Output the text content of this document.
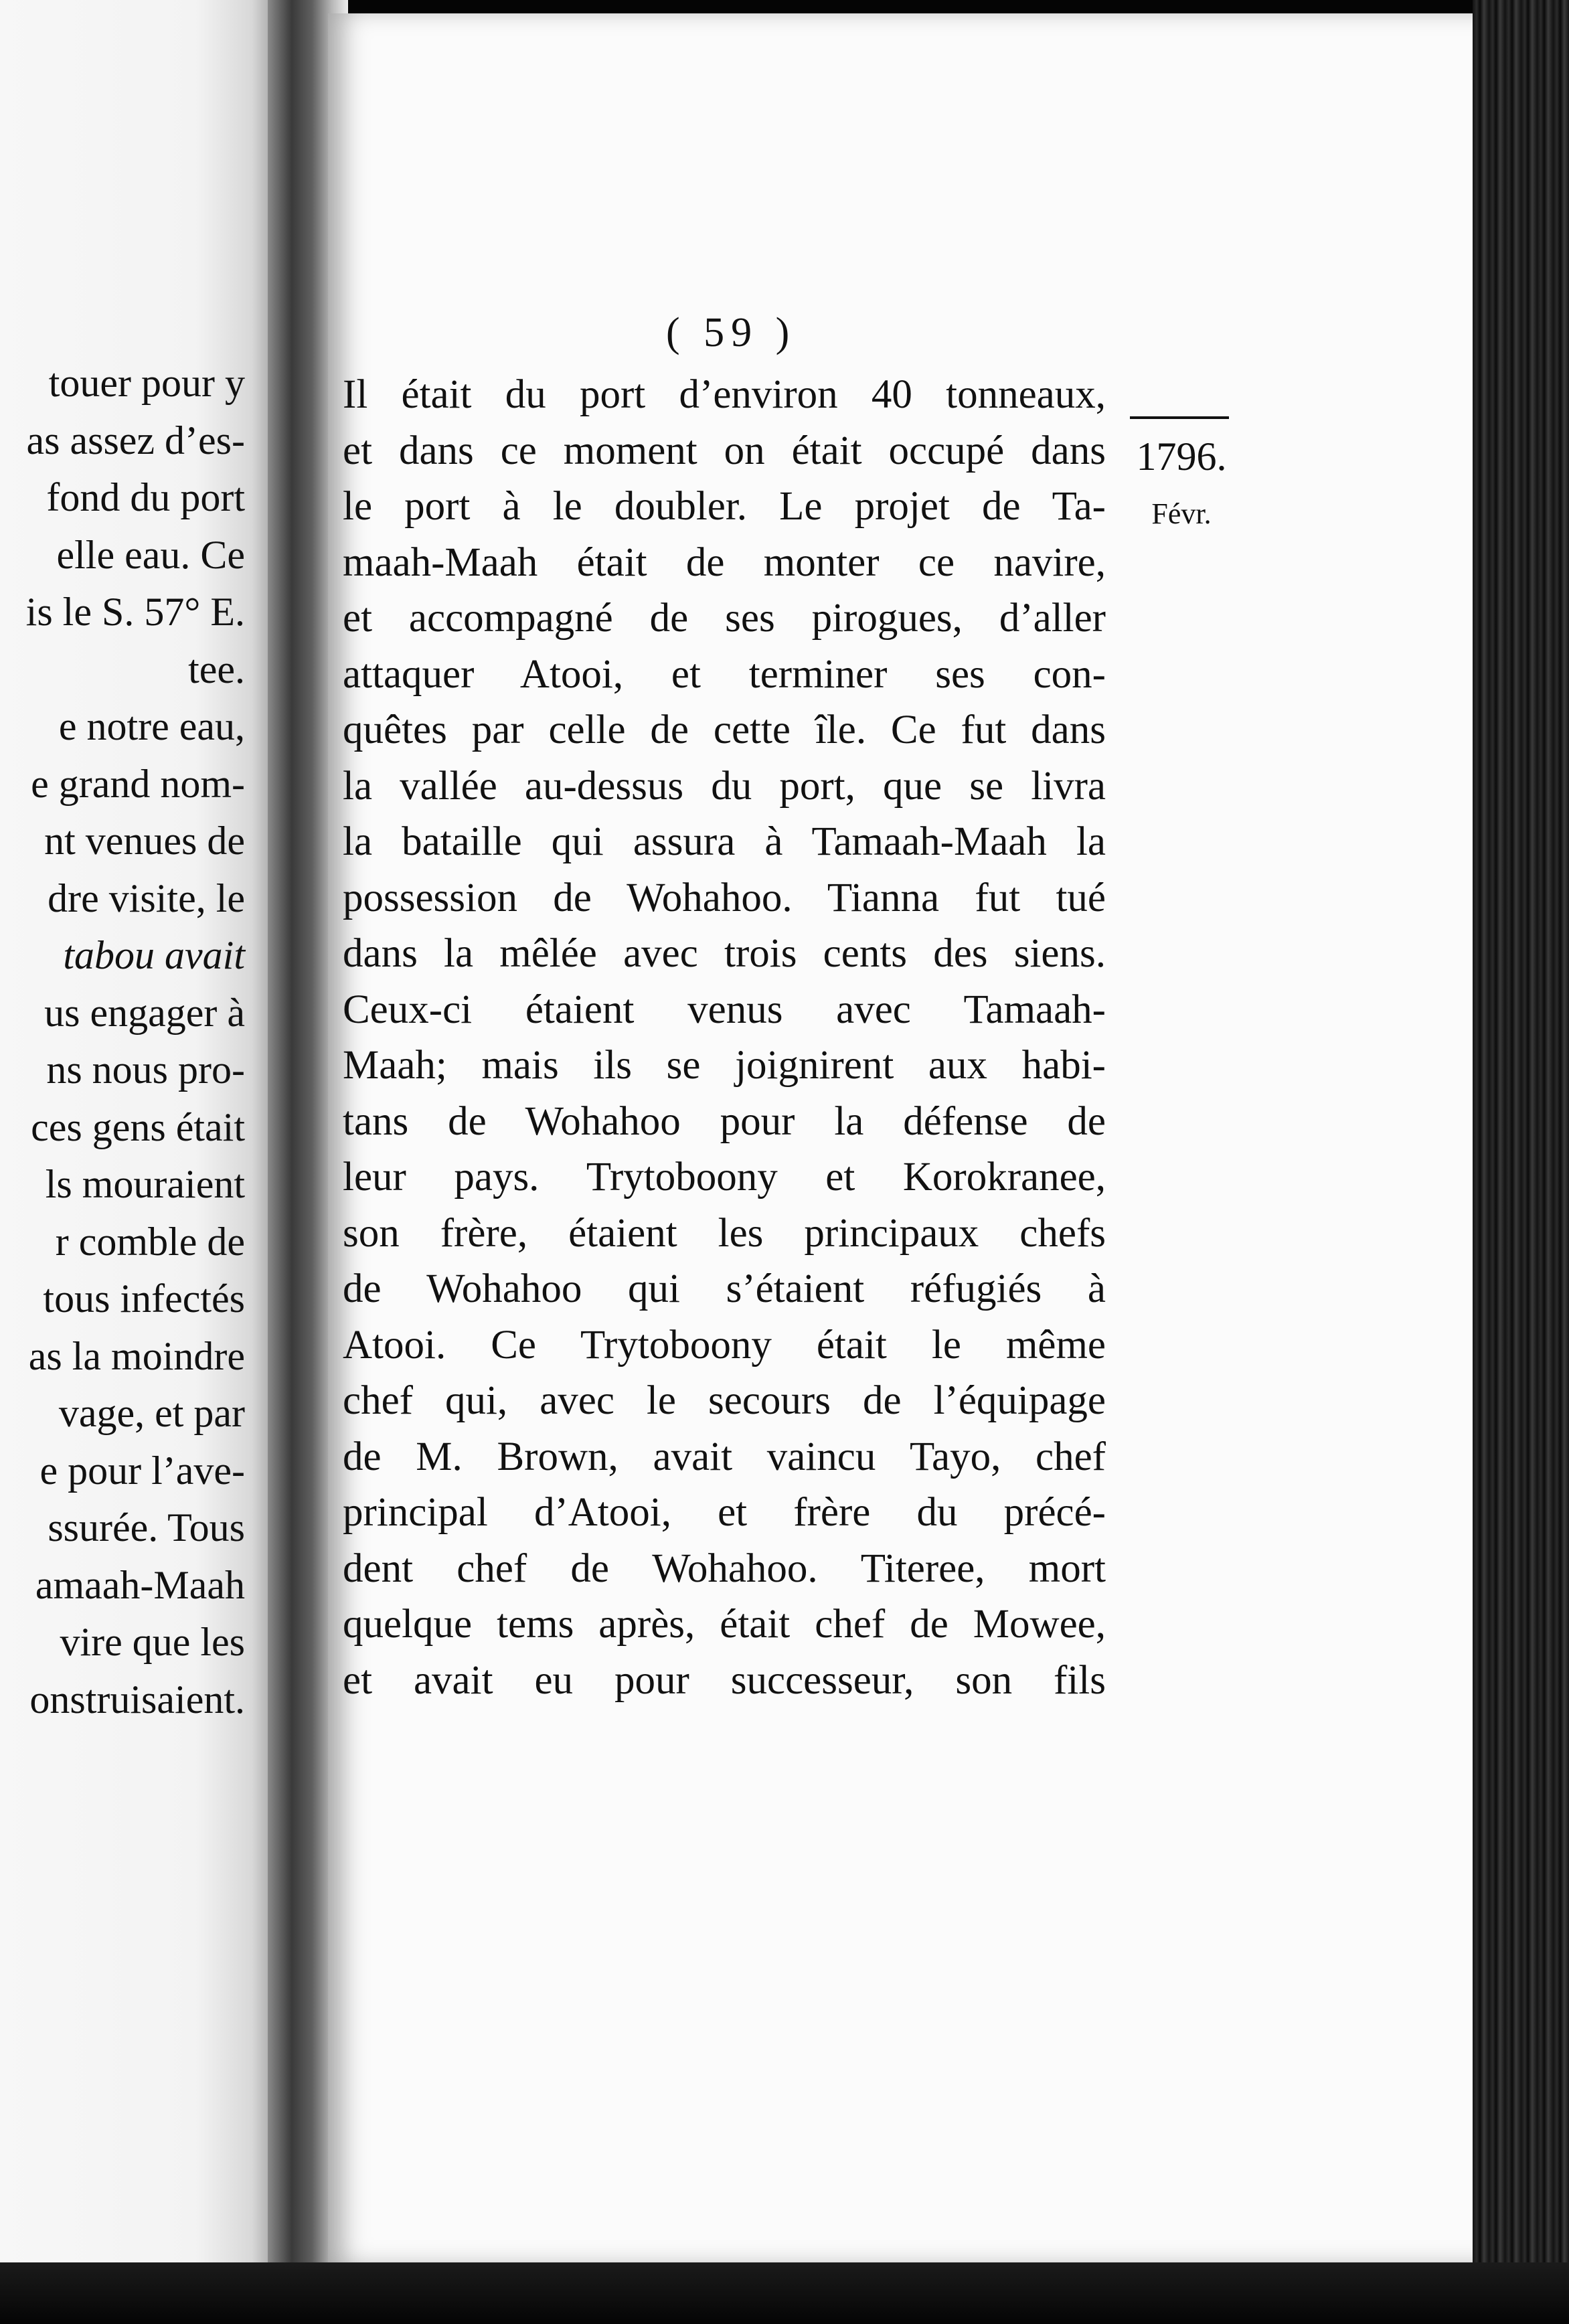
touer pour y
as assez d’es-
fond du port
elle eau. Ce
is le S. 57° E.
tee.
e notre eau,
e grand nom-
nt venues de
dre visite, le
tabou avait
us engager à
ns nous pro-
ces gens était
ls mouraient
r comble de
tous infectés
as la moindre
vage, et par
e pour l’ave-
ssurée. Tous
amaah-Maah
vire que les
onstruisaient.
( 59 )
1796.
Févr.
Il était du port d’environ 40 tonneaux,
et dans ce moment on était occupé dans
le port à le doubler. Le projet de Ta-
maah-Maah était de monter ce navire,
et accompagné de ses pirogues, d’aller
attaquer Atooi, et terminer ses con-
quêtes par celle de cette île. Ce fut dans
la vallée au-dessus du port, que se livra
la bataille qui assura à Tamaah-Maah la
possession de Wohahoo. Tianna fut tué
dans la mêlée avec trois cents des siens.
Ceux-ci étaient venus avec Tamaah-
Maah; mais ils se joignirent aux habi-
tans de Wohahoo pour la défense de
leur pays. Trytoboony et Korokranee,
son frère, étaient les principaux chefs
de Wohahoo qui s’étaient réfugiés à
Atooi. Ce Trytoboony était le même
chef qui, avec le secours de l’équipage
de M. Brown, avait vaincu Tayo, chef
principal d’Atooi, et frère du précé-
dent chef de Wohahoo. Titeree, mort
quelque tems après, était chef de Mowee,
et avait eu pour successeur, son fils
